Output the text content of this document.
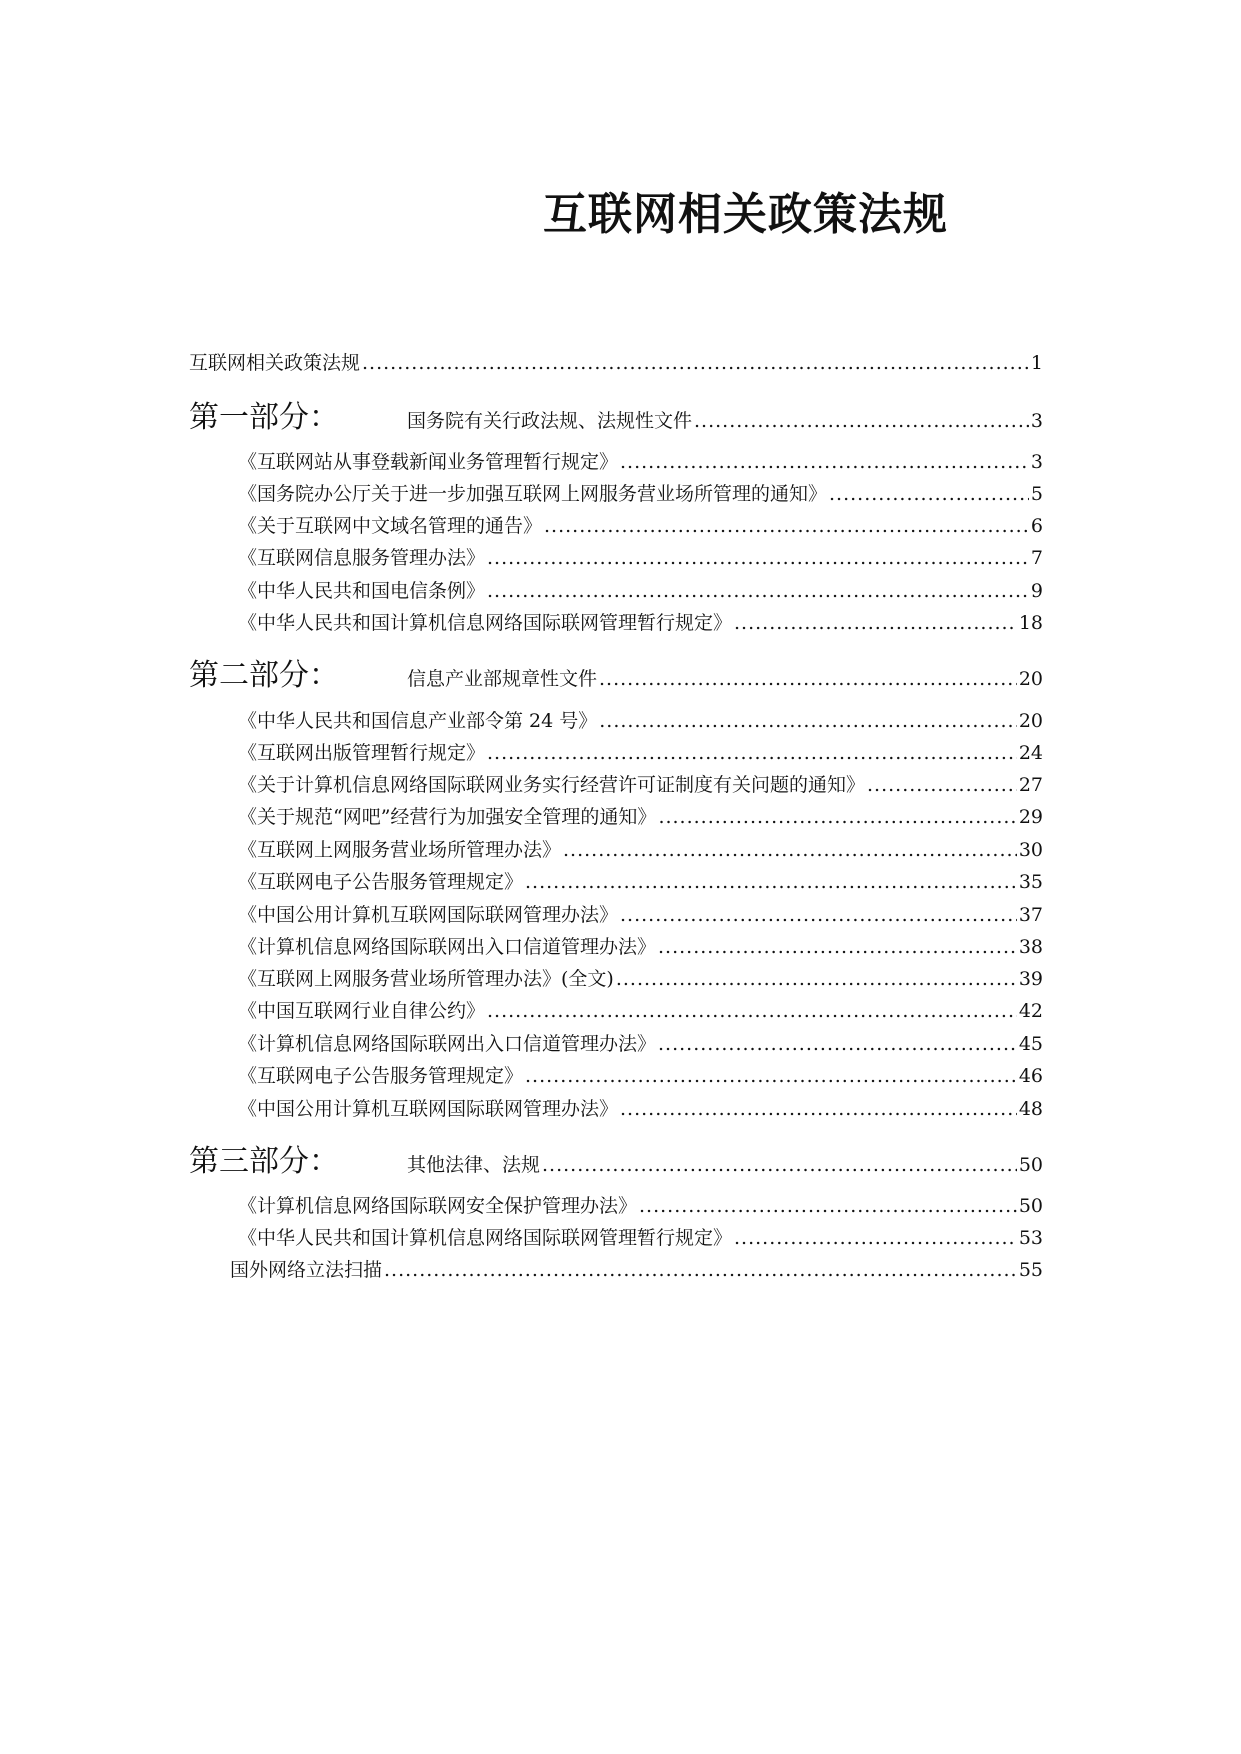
互联网相关政策法规
互联网相关政策法规 .....	1
第一部分：	国务院有关行政法规、法规性文件 .....	3
《互联网站从事登载新闻业务管理暂行规定》 .....	3
《国务院办公厅关于进一步加强互联网上网服务营业场所管理的通知》 .....	5
《关于互联网中文域名管理的通告》 .....	6
《互联网信息服务管理办法》 .....	7
《中华人民共和国电信条例》 .....	9
《中华人民共和国计算机信息网络国际联网管理暂行规定》 .....	18
第二部分：	信息产业部规章性文件 .....	20
《中华人民共和国信息产业部令第 24 号》 .....	20
《互联网出版管理暂行规定》 .....	24
《关于计算机信息网络国际联网业务实行经营许可证制度有关问题的通知》 .....	27
《关于规范“网吧”经营行为加强安全管理的通知》 .....	29
《互联网上网服务营业场所管理办法》 .....	30
《互联网电子公告服务管理规定》 .....	35
《中国公用计算机互联网国际联网管理办法》 .....	37
《计算机信息网络国际联网出入口信道管理办法》 .....	38
《互联网上网服务营业场所管理办法》(全文) .....	39
《中国互联网行业自律公约》 .....	42
《计算机信息网络国际联网出入口信道管理办法》 .....	45
《互联网电子公告服务管理规定》 .....	46
《中国公用计算机互联网国际联网管理办法》 .....	48
第三部分：	其他法律、法规 .....	50
《计算机信息网络国际联网安全保护管理办法》 .....	50
《中华人民共和国计算机信息网络国际联网管理暂行规定》 .....	53
国外网络立法扫描 .....	55
